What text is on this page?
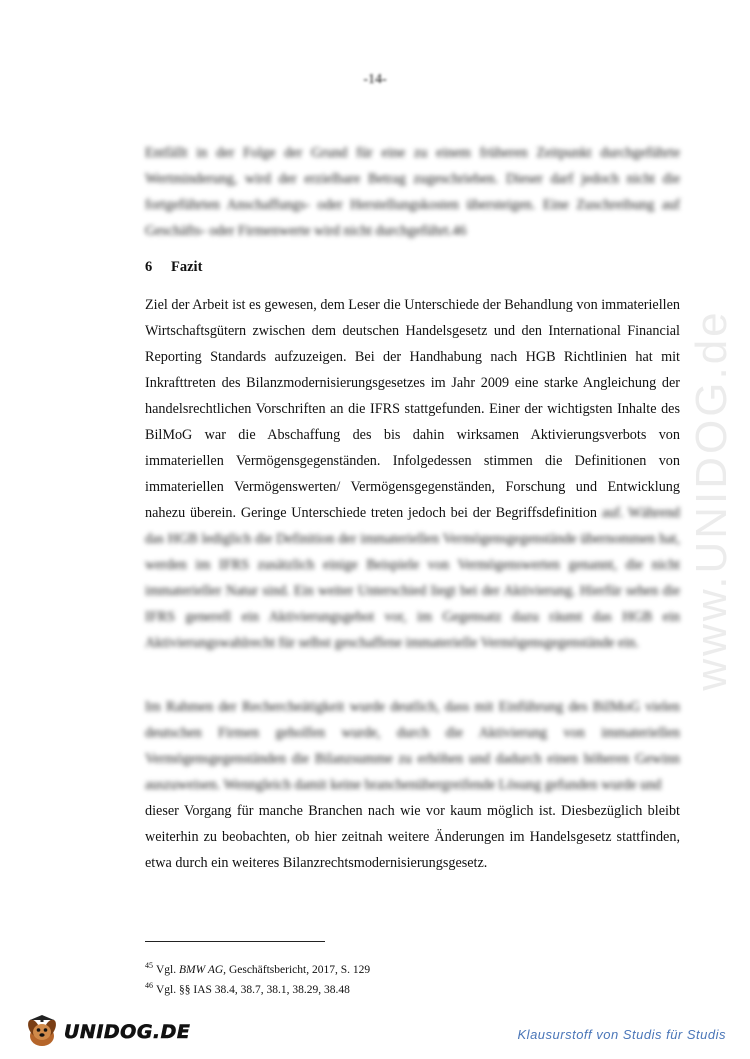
-14-

Entfällt in der Folge der Grund für eine zu einem früheren Zeitpunkt durchgeführte Wertminderung, wird der erzielbare Betrag zugeschrieben. Dieser darf jedoch nicht die fortgeführten Anschaffungs- oder Herstellungskosten übersteigen. Eine Zuschreibung auf Geschäfts- oder Firmenwerte wird nicht durchgeführt.46

6 Fazit
Ziel der Arbeit ist es gewesen, dem Leser die Unterschiede der Behandlung von immateriellen Wirtschaftsgütern zwischen dem deutschen Handelsgesetz und den International Financial Reporting Standards aufzuzeigen. Bei der Handhabung nach HGB Richtlinien hat mit Inkrafttreten des Bilanzmodernisierungsgesetzes im Jahr 2009 eine starke Angleichung der handelsrechtlichen Vorschriften an die IFRS stattgefunden. Einer der wichtigsten Inhalte des BilMoG war die Abschaffung des bis dahin wirksamen Aktivierungsverbots von immateriellen Vermögensgegenständen. Infolgedessen stimmen die Definitionen von immateriellen Vermögenswerten/ Vermögensgegenständen, Forschung und Entwicklung nahezu überein. Geringe Unterschiede treten jedoch bei der Begriffsdefinition auf. Während das HGB lediglich die Definition der immateriellen Vermögensgegenstände übernommen hat, werden im IFRS zusätzlich einige Beispiele von Vermögenswerten genannt, die nicht immaterieller Natur sind. Ein weiter Unterschied liegt bei der Aktivierung. Hierfür sehen die IFRS generell ein Aktivierungsgebot vor, im Gegensatz dazu räumt das HGB ein Aktivierungswahlrecht für selbst geschaffene immaterielle Vermögensgegenstände ein.

Im Rahmen der Rechercheätigkeit wurde deutlich, dass mit Einführung des BilMoG vielen deutschen Firmen geholfen wurde, durch die Aktivierung von immateriellen Vermögensgegenständen die Bilanzsumme zu erhöhen und dadurch einen höheren Gewinn auszuweisen. Wenngleich damit keine branchenübergreifende Lösung gefunden wurde und

dieser Vorgang für manche Branchen nach wie vor kaum möglich ist. Diesbezüglich bleibt weiterhin zu beobachten, ob hier zeitnah weitere Änderungen im Handelsgesetz stattfinden, etwa durch ein weiteres Bilanzrechtsmodernisierungsgesetz.

$^{45}$ Vgl. BMW AG, Geschäftsbericht, 2017, S. 129
$^{46}$ Vgl. §§ IAS 38.4, 38.7, 38.1, 38.29, 38.48
www.UNIDOG.de
UNIDOG.DE	Klausurstoff von Studis für Studis
